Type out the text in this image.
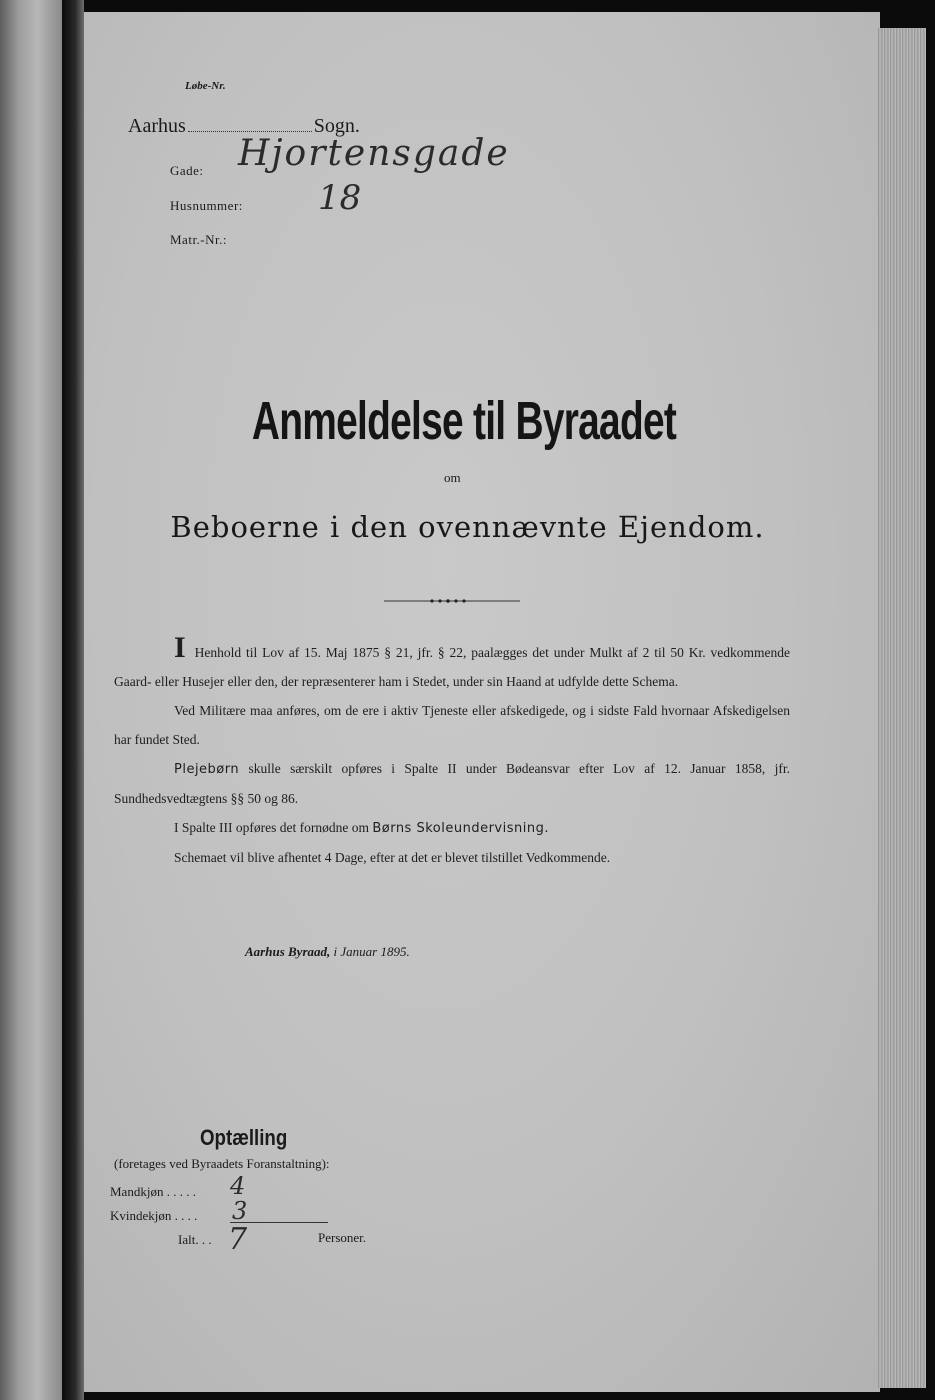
Løbe-Nr.
Aarhus	Sogn.
Gade: Hjortensgade
Husnummer: 18
Matr.-Nr.:
Anmeldelse til Byraadet
om
Beboerne i den ovennævnte Ejendom.

I Henhold til Lov af 15. Maj 1875 § 21, jfr. § 22, paalægges det under Mulkt af 2 til 50 Kr. vedkommende Gaard- eller Husejer eller den, der repræsenterer ham i Stedet, under sin Haand at udfylde dette Schema.

Ved Militære maa anføres, om de ere i aktiv Tjeneste eller afskedigede, og i sidste Fald hvornaar Afskedigelsen har fundet Sted.

Plejebørn skulle særskilt opføres i Spalte II under Bødeansvar efter Lov af 12. Januar 1858, jfr. Sundhedsvedtægtens §§ 50 og 86.

I Spalte III opføres det fornødne om Børns Skoleundervisning.

Schemaet vil blive afhentet 4 Dage, efter at det er blevet tilstillet Vedkommende.

Aarhus Byraad, i Januar 1895.
Optælling
(foretages ved Byraadets Foranstaltning):
Mandkjøn . . . . . 4
Kvindekjøn . . . . 3
Ialt. . . 7	Personer.
